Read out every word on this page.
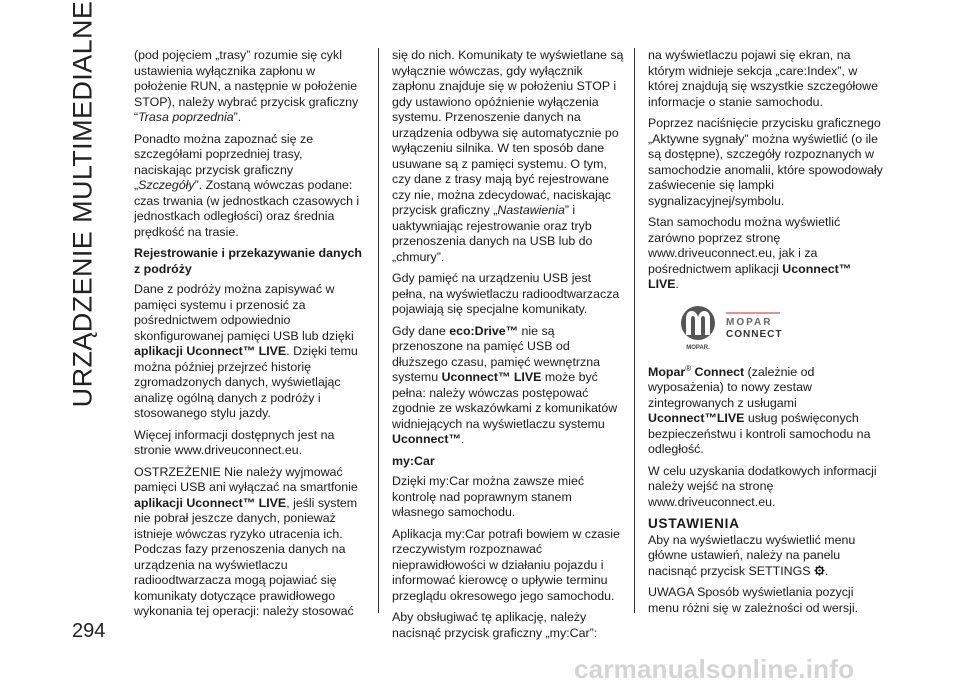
URZĄDZENIE MULTIMEDIALNE	(pod pojęciem „trasy” rozumie się cykl ustawienia wyłącznika zapłonu w położenie RUN, a następnie w położenie STOP), należy wybrać przycisk graficzny “Trasa poprzednia”.

Ponadto można zapoznać się ze szczegółami poprzedniej trasy, naciskając przycisk graficzny „Szczegóły”. Zostaną wówczas podane: czas trwania (w jednostkach czasowych i jednostkach odległości) oraz średnia prędkość na trasie.

Rejestrowanie i przekazywanie danych z podróży

Dane z podróży można zapisywać w pamięci systemu i przenosić za pośrednictwem odpowiednio skonfigurowanej pamięci USB lub dzięki aplikacji Uconnect™ LIVE. Dzięki temu można później przejrzeć historię zgromadzonych danych, wyświetlając analizę ogólną danych z podróży i stosowanego stylu jazdy.

Więcej informacji dostępnych jest na stronie www.driveuconnect.eu.

OSTRZEŻENIE Nie należy wyjmować pamięci USB ani wyłączać na smartfonie aplikacji Uconnect™ LIVE, jeśli system nie pobrał jeszcze danych, ponieważ istnieje wówczas ryzyko utracenia ich. Podczas fazy przenoszenia danych na urządzenia na wyświetlaczu radioodtwarzacza mogą pojawiać się komunikaty dotyczące prawidłowego wykonania tej operacji: należy stosować

się do nich. Komunikaty te wyświetlane są wyłącznie wówczas, gdy wyłącznik zapłonu znajduje się w położeniu STOP i gdy ustawiono opóźnienie wyłączenia systemu. Przenoszenie danych na urządzenia odbywa się automatycznie po wyłączeniu silnika. W ten sposób dane usuwane są z pamięci systemu. O tym, czy dane z trasy mają być rejestrowane czy nie, można zdecydować, naciskając przycisk graficzny „Nastawienia” i uaktywniając rejestrowanie oraz tryb przenoszenia danych na USB lub do „chmury”.

Gdy pamięć na urządzeniu USB jest pełna, na wyświetlaczu radioodtwarzacza pojawiają się specjalne komunikaty.

Gdy dane eco:Drive™ nie są przenoszone na pamięć USB od dłuższego czasu, pamięć wewnętrzna systemu Uconnect™ LIVE może być pełna: należy wówczas postępować zgodnie ze wskazówkami z komunikatów widniejących na wyświetlaczu systemu Uconnect™.

my:Car

Dzięki my:Car można zawsze mieć kontrolę nad poprawnym stanem własnego samochodu.

Aplikacja my:Car potrafi bowiem w czasie rzeczywistym rozpoznawać nieprawidłowości w działaniu pojazdu i informować kierowcę o upływie terminu przeglądu okresowego jego samochodu.

Aby obsługiwać tę aplikację, należy nacisnąć przycisk graficzny „my:Car”:

na wyświetlaczu pojawi się ekran, na którym widnieje sekcja „care:Index”, w której znajdują się wszystkie szczegółowe informacje o stanie samochodu.

Poprzez naciśnięcie przycisku graficznego „Aktywne sygnały” można wyświetlić (o ile są dostępne), szczegóły rozpoznanych w samochodzie anomalii, które spowodowały zaświecenie się lampki sygnalizacyjnej/symbolu.

Stan samochodu można wyświetlić zarówno poprzez stronę www.driveuconnect.eu, jak i za pośrednictwem aplikacji Uconnect™ LIVE.

MOPAR.
MOPAR
CONNECT

Mopar® Connect (zależnie od wyposażenia) to nowy zestaw zintegrowanych z usługami Uconnect™LIVE usług poświęconych bezpieczeństwu i kontroli samochodu na odległość.

W celu uzyskania dodatkowych informacji należy wejść na stronę www.driveuconnect.eu.

USTAWIENIA

Aby na wyświetlaczu wyświetlić menu główne ustawień, należy na panelu nacisnąć przycisk SETTINGS .

UWAGA Sposób wyświetlania pozycji menu różni się w zależności od wersji.

294
carmanualsonline.info
